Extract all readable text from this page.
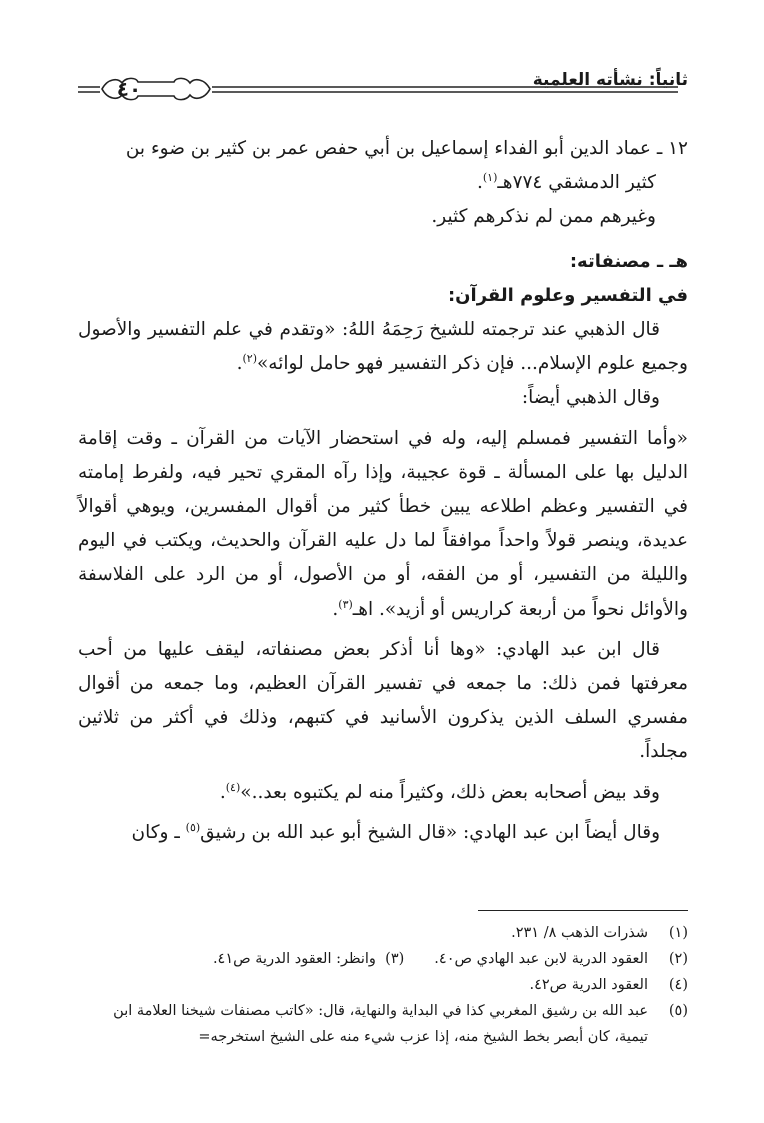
ثانياً: نشأته العلمية
٤٠

١٢ ـ عماد الدين أبو الفداء إسماعيل بن أبي حفص عمر بن كثير بن ضوء بن

كثير الدمشقي ٧٧٤هـ$^{(١)}$.

وغيرهم ممن لم نذكرهم كثير.

هـ ـ مصنفاته:

في التفسير وعلوم القرآن:

قال الذهبي عند ترجمته للشيخ رَحِمَهُ اللهُ: «وتقدم في علم التفسير والأصول وجميع علوم الإسلام... فإن ذكر التفسير فهو حامل لوائه»$^{(٢)}$.

وقال الذهبي أيضاً:

«وأما التفسير فمسلم إليه، وله في استحضار الآيات من القرآن ـ وقت إقامة الدليل بها على المسألة ـ قوة عجيبة، وإذا رآه المقري تحير فيه، ولفرط إمامته في التفسير وعظم اطلاعه يبين خطأ كثير من أقوال المفسرين، ويوهي أقوالاً عديدة، وينصر قولاً واحداً موافقاً لما دل عليه القرآن والحديث، ويكتب في اليوم والليلة من التفسير، أو من الفقه، أو من الأصول، أو من الرد على الفلاسفة والأوائل نحواً من أربعة كراريس أو أزيد». اهـ$^{(٣)}$.

قال ابن عبد الهادي: «وها أنا أذكر بعض مصنفاته، ليقف عليها من أحب معرفتها فمن ذلك: ما جمعه في تفسير القرآن العظيم، وما جمعه من أقوال مفسري السلف الذين يذكرون الأسانيد في كتبهم، وذلك في أكثر من ثلاثين مجلداً.

وقد بيض أصحابه بعض ذلك، وكثيراً منه لم يكتبوه بعد..»$^{(٤)}$.

وقال أيضاً ابن عبد الهادي: «قال الشيخ أبو عبد الله بن رشيق$^{(٥)}$ ـ وكان

(١)
شذرات الذهب ٨/ ٢٣١.

(٢)
العقود الدرية لابن عبد الهادي ص٤٠.(٣)  وانظر: العقود الدرية ص٤١.

(٤)
العقود الدرية ص٤٢.

(٥)
عبد الله بن رشيق المغربي كذا في البداية والنهاية، قال: «كاتب مصنفات شيخنا العلامة ابن تيمية، كان أبصر بخط الشيخ منه، إذا عزب شيء منه على الشيخ استخرجه=
